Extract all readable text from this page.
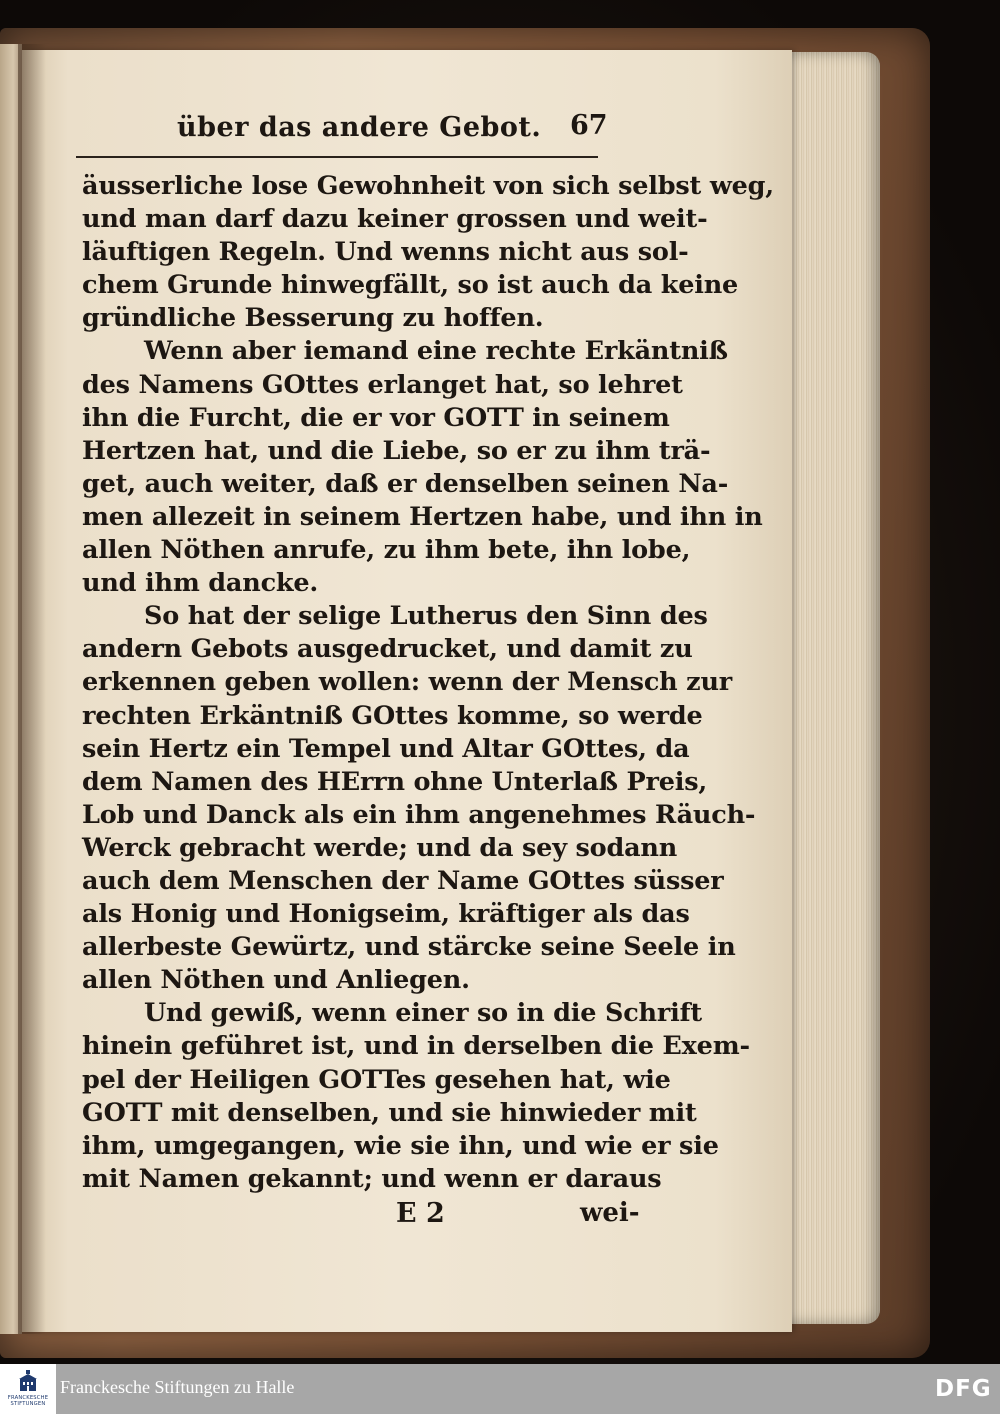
über das andere Gebot. 67
äusserliche lose Gewohnheit von sich selbst weg,
und man darf dazu keiner grossen und weit-
läuftigen Regeln. Und wenns nicht aus sol-
chem Grunde hinwegfällt, so ist auch da keine
gründliche Besserung zu hoffen.
Wenn aber iemand eine rechte Erkäntniß
des Namens GOttes erlanget hat, so lehret
ihn die Furcht, die er vor GOTT in seinem
Hertzen hat, und die Liebe, so er zu ihm trä-
get, auch weiter, daß er denselben seinen Na-
men allezeit in seinem Hertzen habe, und ihn in
allen Nöthen anrufe, zu ihm bete, ihn lobe,
und ihm dancke.
So hat der selige Lutherus den Sinn des
andern Gebots ausgedrucket, und damit zu
erkennen geben wollen: wenn der Mensch zur
rechten Erkäntniß GOttes komme, so werde
sein Hertz ein Tempel und Altar GOttes, da
dem Namen des HErrn ohne Unterlaß Preis,
Lob und Danck als ein ihm angenehmes Räuch-
Werck gebracht werde; und da sey sodann
auch dem Menschen der Name GOttes süsser
als Honig und Honigseim, kräftiger als das
allerbeste Gewürtz, und stärcke seine Seele in
allen Nöthen und Anliegen.
Und gewiß, wenn einer so in die Schrift
hinein geführet ist, und in derselben die Exem-
pel der Heiligen GOTTes gesehen hat, wie
GOTT mit denselben, und sie hinwieder mit
ihm, umgegangen, wie sie ihn, und wie er sie
mit Namen gekannt; und wenn er daraus
E 2	wei-
FRANCKESCHE
STIFTUNGEN
Franckesche Stiftungen zu Halle	DFG
